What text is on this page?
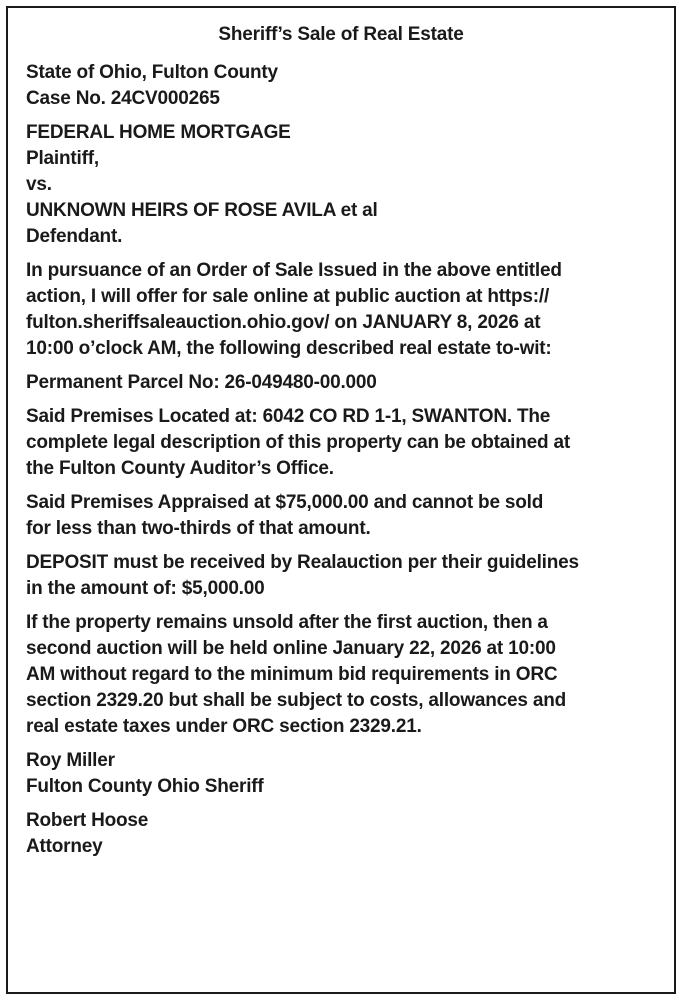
Sheriff’s Sale of Real Estate
State of Ohio, Fulton County
Case No. 24CV000265
FEDERAL HOME MORTGAGE
Plaintiff,
vs.
UNKNOWN HEIRS OF ROSE AVILA et al
Defendant.
In pursuance of an Order of Sale Issued in the above entitled
action, I will offer for sale online at public auction at https://
fulton.sheriffsaleauction.ohio.gov/ on JANUARY 8, 2026 at
10:00 o’clock AM, the following described real estate to-wit:
Permanent Parcel No: 26-049480-00.000
Said Premises Located at: 6042 CO RD 1-1, SWANTON. The
complete legal description of this property can be obtained at
the Fulton County Auditor’s Office.
Said Premises Appraised at $75,000.00 and cannot be sold
for less than two-thirds of that amount.
DEPOSIT must be received by Realauction per their guidelines
in the amount of: $5,000.00
If the property remains unsold after the first auction, then a
second auction will be held online January 22, 2026 at 10:00
AM without regard to the minimum bid requirements in ORC
section 2329.20 but shall be subject to costs, allowances and
real estate taxes under ORC section 2329.21.
Roy Miller
Fulton County Ohio Sheriff
Robert Hoose
Attorney
